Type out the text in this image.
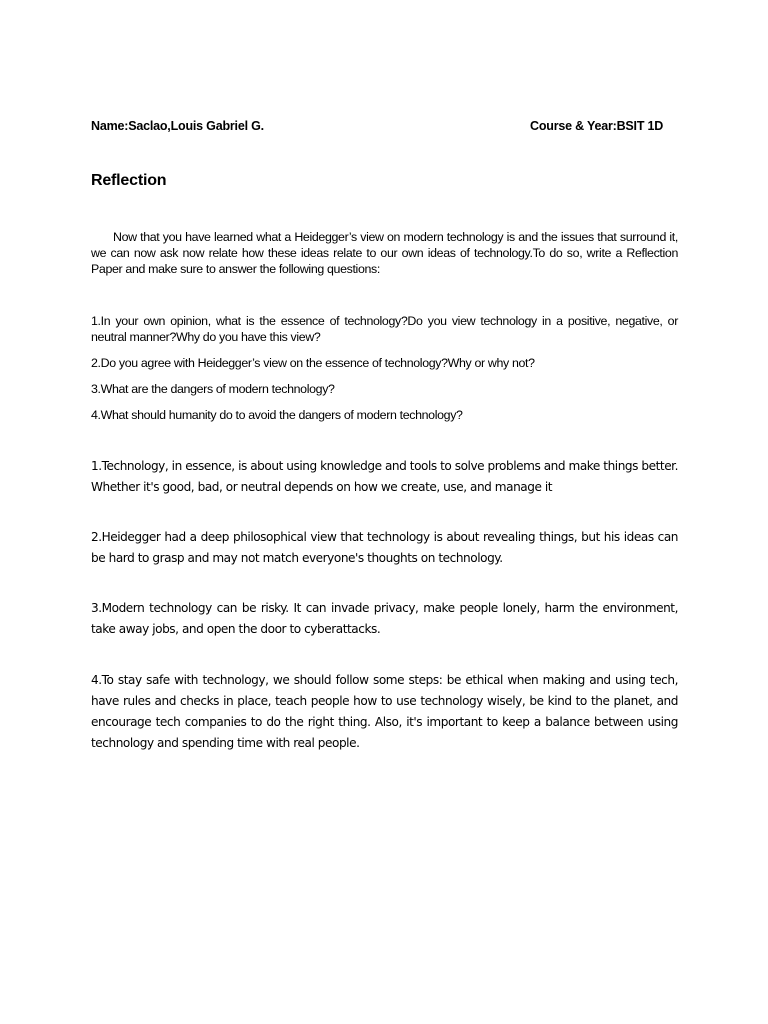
Name:Saclao,Louis Gabriel G.	Course & Year:BSIT 1D
Reflection

Now that you have learned what a Heidegger’s view on modern technology is and the issues that surround it, we can now ask now relate how these ideas relate to our own ideas of technology.To do so, write a Reflection Paper and make sure to answer the following questions:

1.In your own opinion, what is the essence of technology?Do you view technology in a positive, negative, or neutral manner?Why do you have this view?
2.Do you agree with Heidegger’s view on the essence of technology?Why or why not?
3.What are the dangers of modern technology?
4.What should humanity do to avoid the dangers of modern technology?

1.Technology, in essence, is about using knowledge and tools to solve problems and make things better. Whether it's good, bad, or neutral depends on how we create, use, and manage it

2.Heidegger had a deep philosophical view that technology is about revealing things, but his ideas can be hard to grasp and may not match everyone's thoughts on technology.

3.Modern technology can be risky. It can invade privacy, make people lonely, harm the environment, take away jobs, and open the door to cyberattacks.

4.To stay safe with technology, we should follow some steps: be ethical when making and using tech, have rules and checks in place, teach people how to use technology wisely, be kind to the planet, and encourage tech companies to do the right thing. Also, it's important to keep a balance between using technology and spending time with real people.
